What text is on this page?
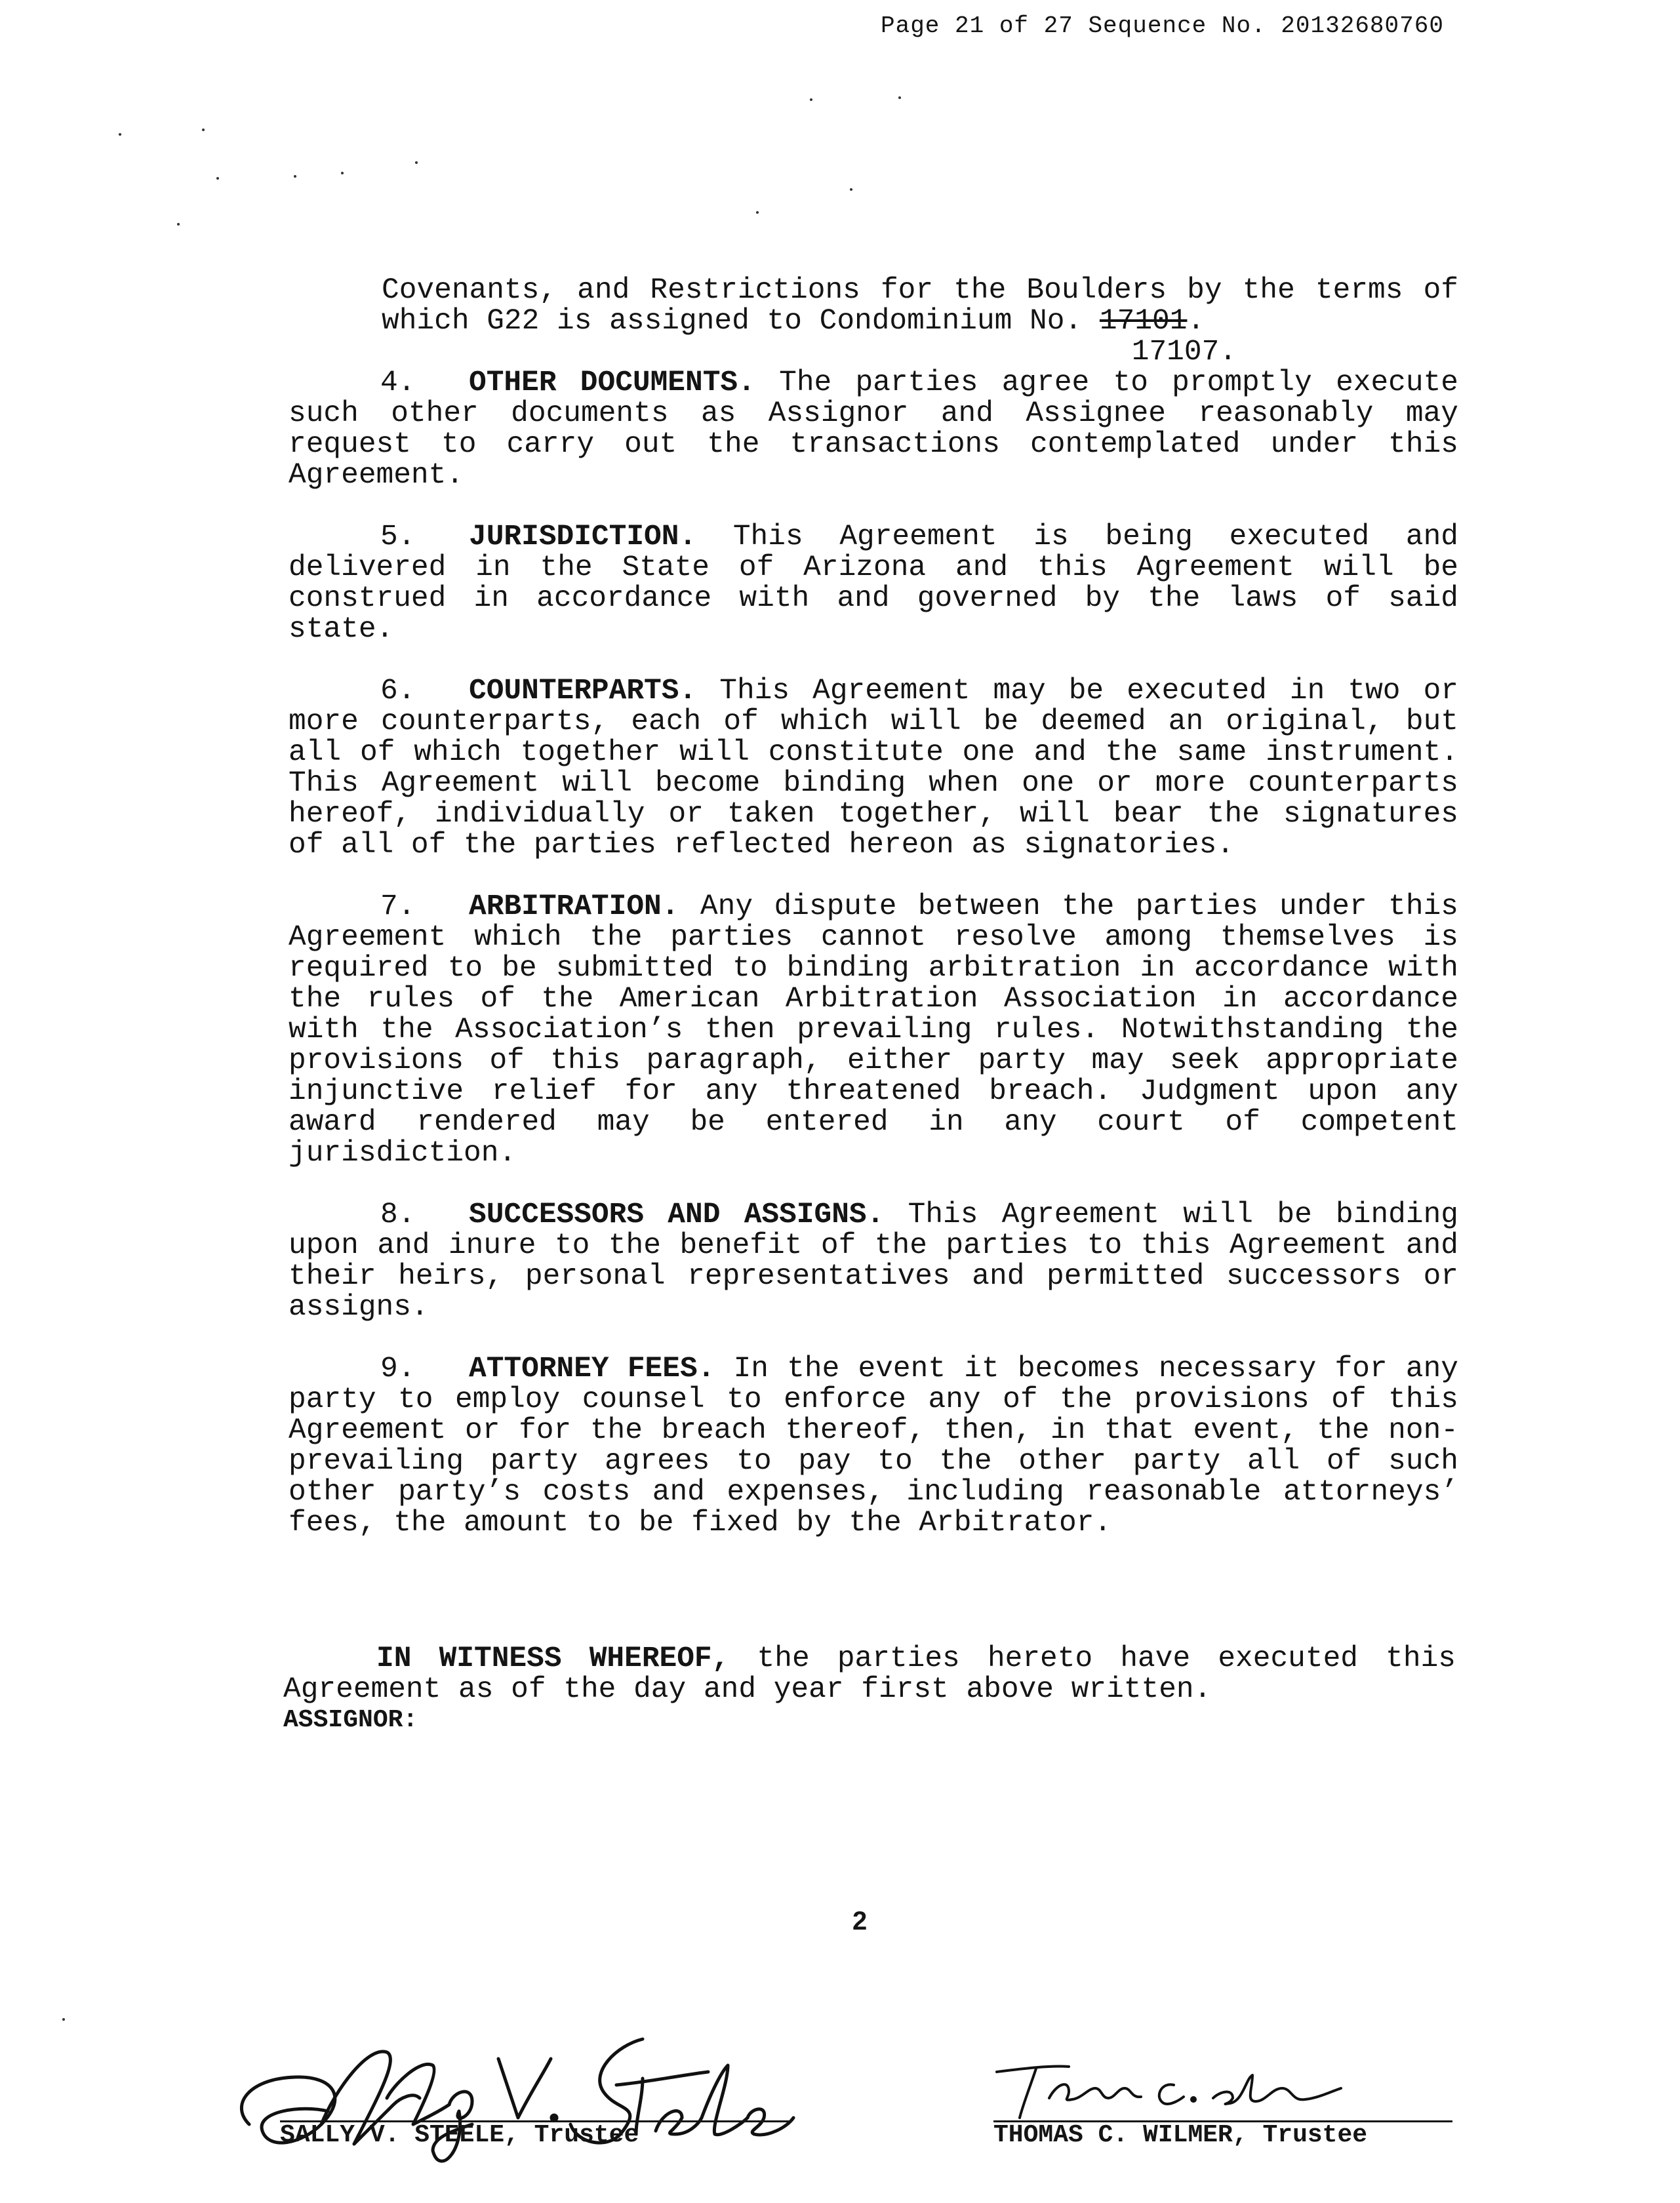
Page 21 of 27 Sequence No. 20132680760

Covenants, and Restrictions for the Boulders by the terms of which G22 is assigned to Condominium No. 17101.
17107.

4. OTHER DOCUMENTS. The parties agree to promptly execute such other documents as Assignor and Assignee reasonably may request to carry out the transactions contemplated under this Agreement.

5. JURISDICTION. This Agreement is being executed and delivered in the State of Arizona and this Agreement will be construed in accordance with and governed by the laws of said state.

6. COUNTERPARTS. This Agreement may be executed in two or more counterparts, each of which will be deemed an original, but all of which together will constitute one and the same instrument. This Agreement will become binding when one or more counterparts hereof, individually or taken together, will bear the signatures of all of the parties reflected hereon as signatories.

7. ARBITRATION. Any dispute between the parties under this Agreement which the parties cannot resolve among themselves is required to be submitted to binding arbitration in accordance with the rules of the American Arbitration Association in accordance with the Association’s then prevailing rules. Notwithstanding the provisions of this paragraph, either party may seek appropriate injunctive relief for any threatened breach. Judgment upon any award rendered may be entered in any court of competent jurisdiction.

8. SUCCESSORS AND ASSIGNS. This Agreement will be binding upon and inure to the benefit of the parties to this Agreement and their heirs, personal representatives and permitted successors or assigns.

9. ATTORNEY FEES. In the event it becomes necessary for any party to employ counsel to enforce any of the provisions of this Agreement or for the breach thereof, then, in that event, the non-prevailing party agrees to pay to the other party all of such other party’s costs and expenses, including reasonable attorneys’ fees, the amount to be fixed by the Arbitrator.

IN WITNESS WHEREOF, the parties hereto have executed this Agreement as of the day and year first above written.

ASSIGNOR:
SALLY V. STEELE, Trustee	THOMAS C. WILMER, Trustee
2
